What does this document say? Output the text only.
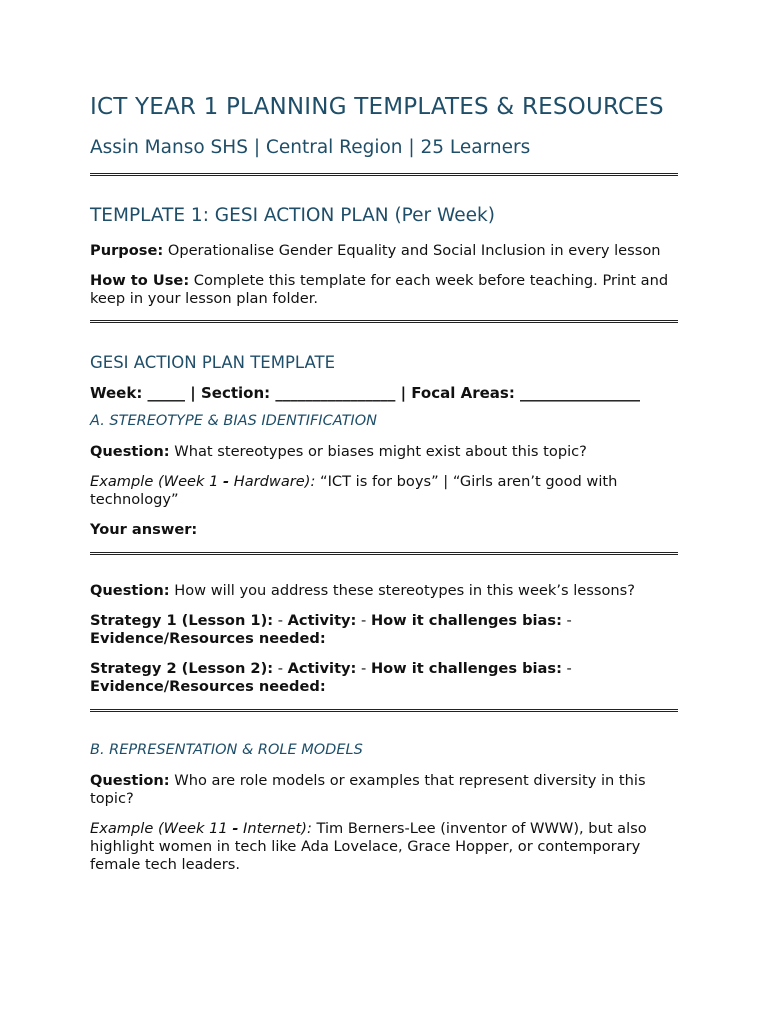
ICT YEAR 1 PLANNING TEMPLATES & RESOURCES
Assin Manso SHS | Central Region | 25 Learners
TEMPLATE 1: GESI ACTION PLAN (Per Week)

Purpose: Operationalise Gender Equality and Social Inclusion in every lesson

How to Use: Complete this template for each week before teaching. Print and keep in your lesson plan folder.

GESI ACTION PLAN TEMPLATE

Week: _____ | Section: ________________ | Focal Areas: ________________

A. STEREOTYPE & BIAS IDENTIFICATION

Question: What stereotypes or biases might exist about this topic?

Example (Week 1 - Hardware): “ICT is for boys” | “Girls aren’t good with technology”

Your answer:

Question: How will you address these stereotypes in this week’s lessons?

Strategy 1 (Lesson 1): - Activity: - How it challenges bias: - Evidence/Resources needed:

Strategy 2 (Lesson 2): - Activity: - How it challenges bias: - Evidence/Resources needed:

B. REPRESENTATION & ROLE MODELS

Question: Who are role models or examples that represent diversity in this topic?

Example (Week 11 - Internet): Tim Berners-Lee (inventor of WWW), but also highlight women in tech like Ada Lovelace, Grace Hopper, or contemporary female tech leaders.
